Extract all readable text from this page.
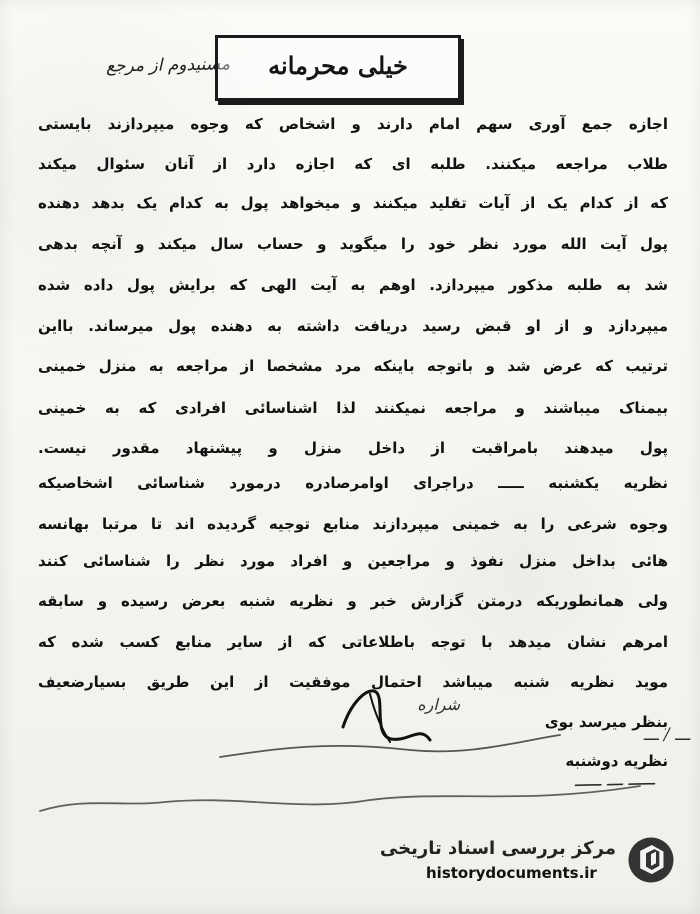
مسنیدوم از مرجع	خیلی محرمانه
اجازه جمع آوری سهم امام دارند و اشخاص که وجوه میپردازند بایستی
طلاب مراجعه میکنند. طلبه ای که اجازه دارد از آنان سئوال میکند
که از کدام یک از آیات تقلید میکنند و میخواهد پول به کدام یک بدهد دهنده
پول آیت الله مورد نظر خود را میگوید و حساب سال میکند و آنچه بدهی
شد به طلبه مذکور میپردازد. اوهم به آیت الهی که برایش پول داده شده
میپردازد و از او قبض رسید دریافت داشته به دهنده پول میرساند. بااین
ترتیب که عرض شد و باتوجه باینکه مرد مشخصا از مراجعه به منزل خمینی
بیمناک میباشند و مراجعه نمیکنند لذا اشناسائی افرادی که به خمینی
پول میدهند بامراقبت از داخل منزل و پیشنهاد مقدور نیست.
نظریه یکشنبه ـــــ دراجرای اوامرصادره درمورد شناسائی اشخاصیکه
وجوه شرعی را به خمینی میپردازند منابع توجیه گردیده اند تا مرتبا بهانسه
هائی بداخل منزل نفوذ و مراجعین و افراد مورد نظر را شناسائی کنند
ولی همانطوریکه درمتن گزارش خبر و نظریه شنبه بعرض رسیده و سابقه
امرهم نشان میدهد با توجه باطلاعاتی که از سایر منابع کسب شده که
موید نظریه شنبه میباشد احتمال موفقیت از این طریق بسیارضعیف
بنظر میرسد بوی
نظریه دوشنبه
شراره
ـــ / ـــ
ـــــ ـــ ـــــ
مرکز بررسی اسناد تاریخی
historydocuments.ir
